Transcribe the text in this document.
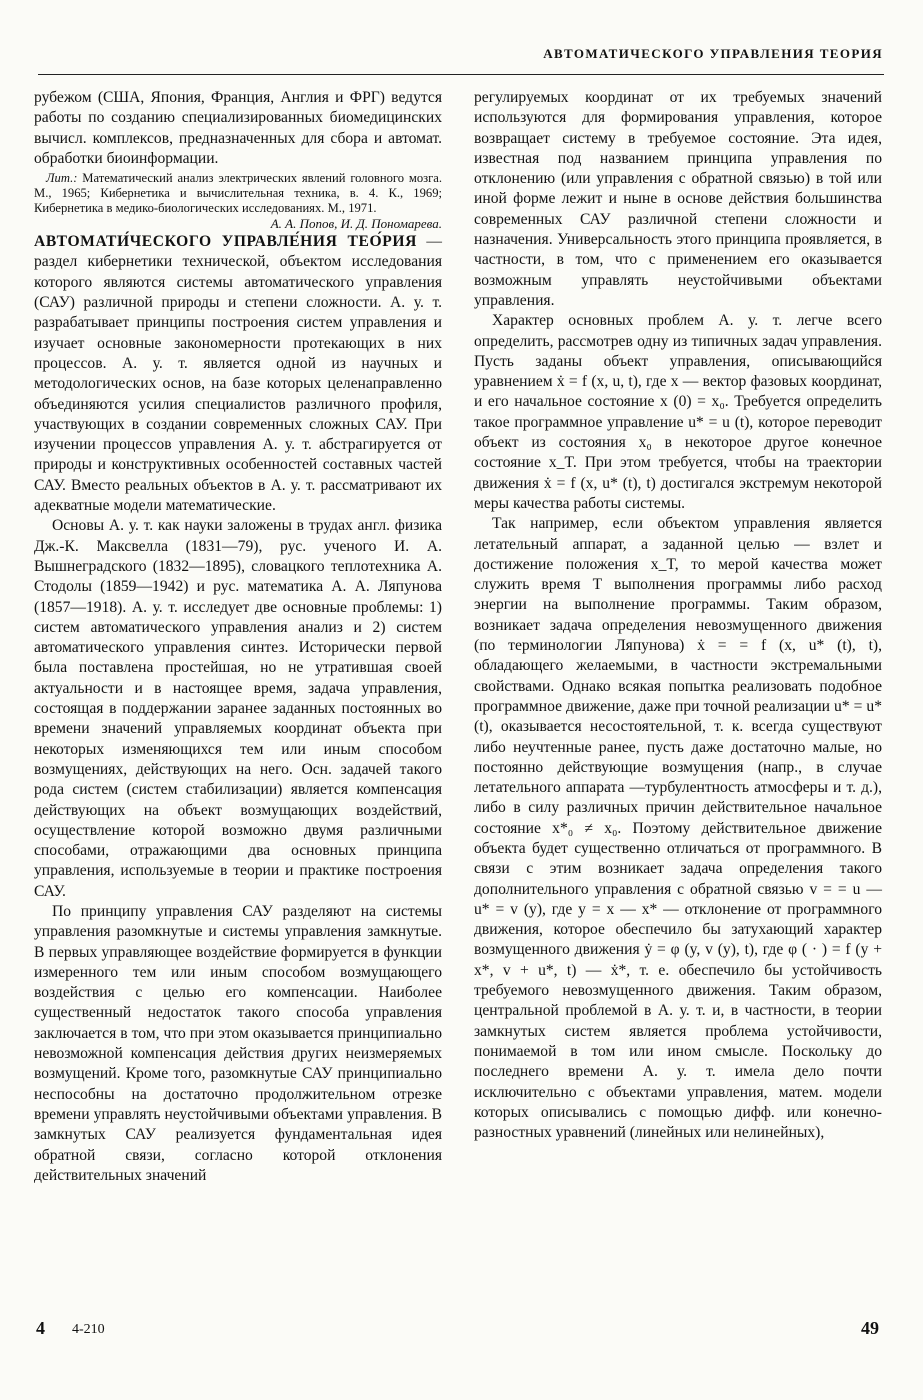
АВТОМАТИЧЕСКОГО УПРАВЛЕНИЯ ТЕОРИЯ

рубежом (США, Япония, Франция, Англия и ФРГ) ведутся работы по созданию специализированных биомедицинских вычисл. комплексов, предназначенных для сбора и автомат. обработки биоинформации.

Лит.: Математический анализ электрических явлений головного мозга. М., 1965; Кибернетика и вычислительная техника, в. 4. К., 1969; Кибернетика в медико-биологических исследованиях. М., 1971.

А. А. Попов, И. Д. Пономарева.

АВТОМАТИ́ЧЕСКОГО УПРАВЛЕ́НИЯ ТЕО́РИЯ — раздел кибернетики технической, объектом исследования которого являются системы автоматического управления (САУ) различной природы и степени сложности. А. у. т. разрабатывает принципы построения систем управления и изучает основные закономерности протекающих в них процессов. А. у. т. является одной из научных и методологических основ, на базе которых целенаправленно объединяются усилия специалистов различного профиля, участвующих в создании современных сложных САУ. При изучении процессов управления А. у. т. абстрагируется от природы и конструктивных особенностей составных частей САУ. Вместо реальных объектов в А. у. т. рассматривают их адекватные модели математические.

Основы А. у. т. как науки заложены в трудах англ. физика Дж.-К. Максвелла (1831—79), рус. ученого И. А. Вышнеградского (1832—1895), словацкого теплотехника А. Стодолы (1859—1942) и рус. математика А. А. Ляпунова (1857—1918). А. у. т. исследует две основные проблемы: 1) систем автоматического управления анализ и 2) систем автоматического управления синтез. Исторически первой была поставлена простейшая, но не утратившая своей актуальности и в настоящее время, задача управления, состоящая в поддержании заранее заданных постоянных во времени значений управляемых координат объекта при некоторых изменяющихся тем или иным способом возмущениях, действующих на него. Осн. задачей такого рода систем (систем стабилизации) является компенсация действующих на объект возмущающих воздействий, осуществление которой возможно двумя различными способами, отражающими два основных принципа управления, используемые в теории и практике построения САУ.

По принципу управления САУ разделяют на системы управления разомкнутые и системы управления замкнутые. В первых управляющее воздействие формируется в функции измеренного тем или иным способом возмущающего воздействия с целью его компенсации. Наиболее существенный недостаток такого способа управления заключается в том, что при этом оказывается принципиально невозможной компенсация действия других неизмеряемых возмущений. Кроме того, разомкнутые САУ принципиально неспособны на достаточно продолжительном отрезке времени управлять неустойчивыми объектами управления. В замкнутых САУ реализуется фундаментальная идея обратной связи, согласно которой отклонения действительных значений

регулируемых координат от их требуемых значений используются для формирования управления, которое возвращает систему в требуемое состояние. Эта идея, известная под названием принципа управления по отклонению (или управления с обратной связью) в той или иной форме лежит и ныне в основе действия большинства современных САУ различной степени сложности и назначения. Универсальность этого принципа проявляется, в частности, в том, что с применением его оказывается возможным управлять неустойчивыми объектами управления.

Характер основных проблем А. у. т. легче всего определить, рассмотрев одну из типичных задач управления. Пусть заданы объект управления, описывающийся уравнением ẋ = f (x, u, t), где x — вектор фазовых координат, и его начальное состояние x (0) = x₀. Требуется определить такое программное управление u* = u (t), которое переводит объект из состояния x₀ в некоторое другое конечное состояние x_T. При этом требуется, чтобы на траектории движения ẋ = f (x, u* (t), t) достигался экстремум некоторой меры качества работы системы.

Так например, если объектом управления является летательный аппарат, а заданной целью — взлет и достижение положения x_T, то мерой качества может служить время T выполнения программы либо расход энергии на выполнение программы. Таким образом, возникает задача определения невозмущенного движения (по терминологии Ляпунова) ẋ = = f (x, u* (t), t), обладающего желаемыми, в частности экстремальными свойствами. Однако всякая попытка реализовать подобное программное движение, даже при точной реализации u* = u* (t), оказывается несостоятельной, т. к. всегда существуют либо неучтенные ранее, пусть даже достаточно малые, но постоянно действующие возмущения (напр., в случае летательного аппарата —турбулентность атмосферы и т. д.), либо в силу различных причин действительное начальное состояние x*₀ ≠ x₀. Поэтому действительное движение объекта будет существенно отличаться от программного. В связи с этим возникает задача определения такого дополнительного управления с обратной связью v = = u — u* = v (y), где y = x — x* — отклонение от программного движения, которое обеспечило бы затухающий характер возмущенного движения ẏ = φ (y, v (y), t), где φ ( · ) = f (y + x*, v + u*, t) — ẋ*, т. е. обеспечило бы устойчивость требуемого невозмущенного движения. Таким образом, центральной проблемой в А. у. т. и, в частности, в теории замкнутых систем является проблема устойчивости, понимаемой в том или ином смысле. Поскольку до последнего времени А. у. т. имела дело почти исключительно с объектами управления, матем. модели которых описывались с помощью дифф. или конечно-разностных уравнений (линейных или нелинейных),

4 4-210	49
